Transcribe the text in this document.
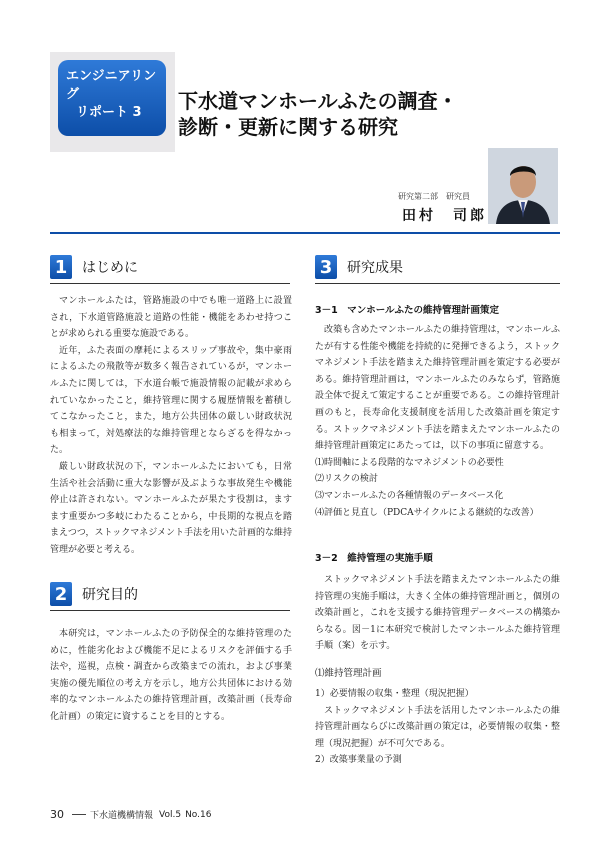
エンジニアリング
リポート 3	下水道マンホールふたの調査・
診断・更新に関する研究
研究第二部　研究員
田村　司郎
1	はじめに

マンホールふたは，管路施設の中でも唯一道路上に設置され，下水道管路施設と道路の性能・機能をあわせ持つことが求められる重要な施設である。

近年，ふた表面の摩耗によるスリップ事故や，集中豪雨によるふたの飛散等が数多く報告されているが，マンホールふたに関しては，下水道台帳で施設情報の記載が求められていなかったこと，維持管理に関する履歴情報を蓄積してこなかったこと，また，地方公共団体の厳しい財政状況も相まって，対処療法的な維持管理とならざるを得なかった。

厳しい財政状況の下，マンホールふたにおいても，日常生活や社会活動に重大な影響が及ぶような事故発生や機能停止は許されない。マンホールふたが果たす役割は，ますます重要かつ多岐にわたることから，中長期的な視点を踏まえつつ，ストックマネジメント手法を用いた計画的な維持管理が必要と考える。

2	研究目的

本研究は，マンホールふたの予防保全的な維持管理のために，性能劣化および機能不足によるリスクを評価する手法や，巡視，点検・調査から改築までの流れ，および事業実施の優先順位の考え方を示し，地方公共団体における効率的なマンホールふたの維持管理計画，改築計画（長寿命化計画）の策定に資することを目的とする。

3	研究成果
3－1　マンホールふたの維持管理計画策定

改築も含めたマンホールふたの維持管理は，マンホールふたが有する性能や機能を持続的に発揮できるよう，ストックマネジメント手法を踏まえた維持管理計画を策定する必要がある。維持管理計画は，マンホールふたのみならず，管路施設全体で捉えて策定することが重要である。この維持管理計画のもと，長寿命化支援制度を活用した改築計画を策定する。ストックマネジメント手法を踏まえたマンホールふたの維持管理計画策定にあたっては，以下の事項に留意する。

⑴時間軸による段階的なマネジメントの必要性
⑵リスクの検討
⑶マンホールふたの各種情報のデータベース化
⑷評価と見直し（PDCAサイクルによる継続的な改善）
3－2　維持管理の実施手順

ストックマネジメント手法を踏まえたマンホールふたの維持管理の実施手順は，大きく全体の維持管理計画と，個別の改築計画と，これを支援する維持管理データベースの構築からなる。図－1に本研究で検討したマンホールふた維持管理手順（案）を示す。

⑴維持管理計画
1）必要情報の収集・整理（現況把握）

ストックマネジメント手法を活用したマンホールふたの維持管理計画ならびに改築計画の策定は，必要情報の収集・整理（現況把握）が不可欠である。

2）改築事業量の予測
30	下水道機構情報 Vol.5 No.16
